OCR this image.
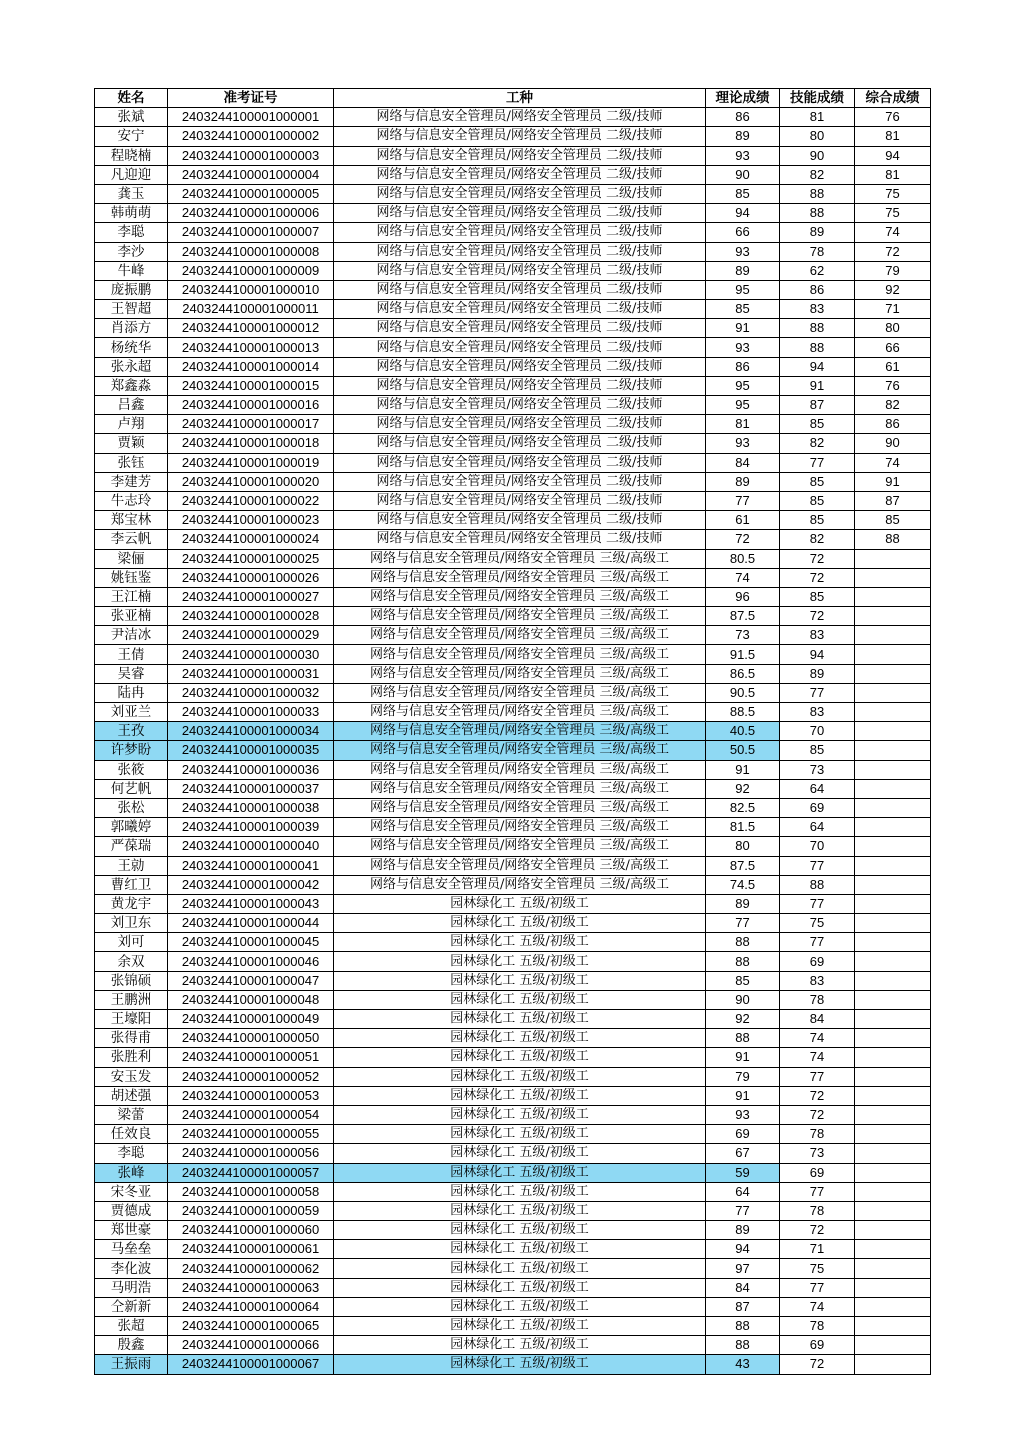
姓名	准考证号	工种	理论成绩	技能成绩	综合成绩
张斌	2403244100001000001	网络与信息安全管理员/网络安全管理员 二级/技师	86	81	76
安宁	2403244100001000002	网络与信息安全管理员/网络安全管理员 二级/技师	89	80	81
程晓楠	2403244100001000003	网络与信息安全管理员/网络安全管理员 二级/技师	93	90	94
凡迎迎	2403244100001000004	网络与信息安全管理员/网络安全管理员 二级/技师	90	82	81
龚玉	2403244100001000005	网络与信息安全管理员/网络安全管理员 二级/技师	85	88	75
韩萌萌	2403244100001000006	网络与信息安全管理员/网络安全管理员 二级/技师	94	88	75
李聪	2403244100001000007	网络与信息安全管理员/网络安全管理员 二级/技师	66	89	74
李沙	2403244100001000008	网络与信息安全管理员/网络安全管理员 二级/技师	93	78	72
牛峰	2403244100001000009	网络与信息安全管理员/网络安全管理员 二级/技师	89	62	79
庞振鹏	2403244100001000010	网络与信息安全管理员/网络安全管理员 二级/技师	95	86	92
王智超	2403244100001000011	网络与信息安全管理员/网络安全管理员 二级/技师	85	83	71
肖添方	2403244100001000012	网络与信息安全管理员/网络安全管理员 二级/技师	91	88	80
杨统华	2403244100001000013	网络与信息安全管理员/网络安全管理员 二级/技师	93	88	66
张永超	2403244100001000014	网络与信息安全管理员/网络安全管理员 二级/技师	86	94	61
郑鑫淼	2403244100001000015	网络与信息安全管理员/网络安全管理员 二级/技师	95	91	76
吕鑫	2403244100001000016	网络与信息安全管理员/网络安全管理员 二级/技师	95	87	82
卢翔	2403244100001000017	网络与信息安全管理员/网络安全管理员 二级/技师	81	85	86
贾颖	2403244100001000018	网络与信息安全管理员/网络安全管理员 二级/技师	93	82	90
张钰	2403244100001000019	网络与信息安全管理员/网络安全管理员 二级/技师	84	77	74
李建芳	2403244100001000020	网络与信息安全管理员/网络安全管理员 二级/技师	89	85	91
牛志玲	2403244100001000022	网络与信息安全管理员/网络安全管理员 二级/技师	77	85	87
郑宝林	2403244100001000023	网络与信息安全管理员/网络安全管理员 二级/技师	61	85	85
李云帆	2403244100001000024	网络与信息安全管理员/网络安全管理员 二级/技师	72	82	88
梁俪	2403244100001000025	网络与信息安全管理员/网络安全管理员 三级/高级工	80.5	72	
姚钰鉴	2403244100001000026	网络与信息安全管理员/网络安全管理员 三级/高级工	74	72	
王江楠	2403244100001000027	网络与信息安全管理员/网络安全管理员 三级/高级工	96	85	
张亚楠	2403244100001000028	网络与信息安全管理员/网络安全管理员 三级/高级工	87.5	72	
尹洁冰	2403244100001000029	网络与信息安全管理员/网络安全管理员 三级/高级工	73	83	
王倩	2403244100001000030	网络与信息安全管理员/网络安全管理员 三级/高级工	91.5	94	
吴睿	2403244100001000031	网络与信息安全管理员/网络安全管理员 三级/高级工	86.5	89	
陆冉	2403244100001000032	网络与信息安全管理员/网络安全管理员 三级/高级工	90.5	77	
刘亚兰	2403244100001000033	网络与信息安全管理员/网络安全管理员 三级/高级工	88.5	83	
王孜	2403244100001000034	网络与信息安全管理员/网络安全管理员 三级/高级工	40.5	70	
许梦盼	2403244100001000035	网络与信息安全管理员/网络安全管理员 三级/高级工	50.5	85	
张筱	2403244100001000036	网络与信息安全管理员/网络安全管理员 三级/高级工	91	73	
何艺帆	2403244100001000037	网络与信息安全管理员/网络安全管理员 三级/高级工	92	64	
张松	2403244100001000038	网络与信息安全管理员/网络安全管理员 三级/高级工	82.5	69	
郭曦婷	2403244100001000039	网络与信息安全管理员/网络安全管理员 三级/高级工	81.5	64	
严葆瑞	2403244100001000040	网络与信息安全管理员/网络安全管理员 三级/高级工	80	70	
王勍	2403244100001000041	网络与信息安全管理员/网络安全管理员 三级/高级工	87.5	77	
曹红卫	2403244100001000042	网络与信息安全管理员/网络安全管理员 三级/高级工	74.5	88	
黄龙宇	2403244100001000043	园林绿化工 五级/初级工	89	77	
刘卫东	2403244100001000044	园林绿化工 五级/初级工	77	75	
刘可	2403244100001000045	园林绿化工 五级/初级工	88	77	
余双	2403244100001000046	园林绿化工 五级/初级工	88	69	
张锦硕	2403244100001000047	园林绿化工 五级/初级工	85	83	
王鹏洲	2403244100001000048	园林绿化工 五级/初级工	90	78	
王壕阳	2403244100001000049	园林绿化工 五级/初级工	92	84	
张得甫	2403244100001000050	园林绿化工 五级/初级工	88	74	
张胜利	2403244100001000051	园林绿化工 五级/初级工	91	74	
安玉发	2403244100001000052	园林绿化工 五级/初级工	79	77	
胡述强	2403244100001000053	园林绿化工 五级/初级工	91	72	
梁蕾	2403244100001000054	园林绿化工 五级/初级工	93	72	
任效良	2403244100001000055	园林绿化工 五级/初级工	69	78	
李聪	2403244100001000056	园林绿化工 五级/初级工	67	73	
张峰	2403244100001000057	园林绿化工 五级/初级工	59	69	
宋冬亚	2403244100001000058	园林绿化工 五级/初级工	64	77	
贾德成	2403244100001000059	园林绿化工 五级/初级工	77	78	
郑世豪	2403244100001000060	园林绿化工 五级/初级工	89	72	
马垒垒	2403244100001000061	园林绿化工 五级/初级工	94	71	
李化波	2403244100001000062	园林绿化工 五级/初级工	97	75	
马明浩	2403244100001000063	园林绿化工 五级/初级工	84	77	
仝新新	2403244100001000064	园林绿化工 五级/初级工	87	74	
张超	2403244100001000065	园林绿化工 五级/初级工	88	78	
殷鑫	2403244100001000066	园林绿化工 五级/初级工	88	69	
王振雨	2403244100001000067	园林绿化工 五级/初级工	43	72	
